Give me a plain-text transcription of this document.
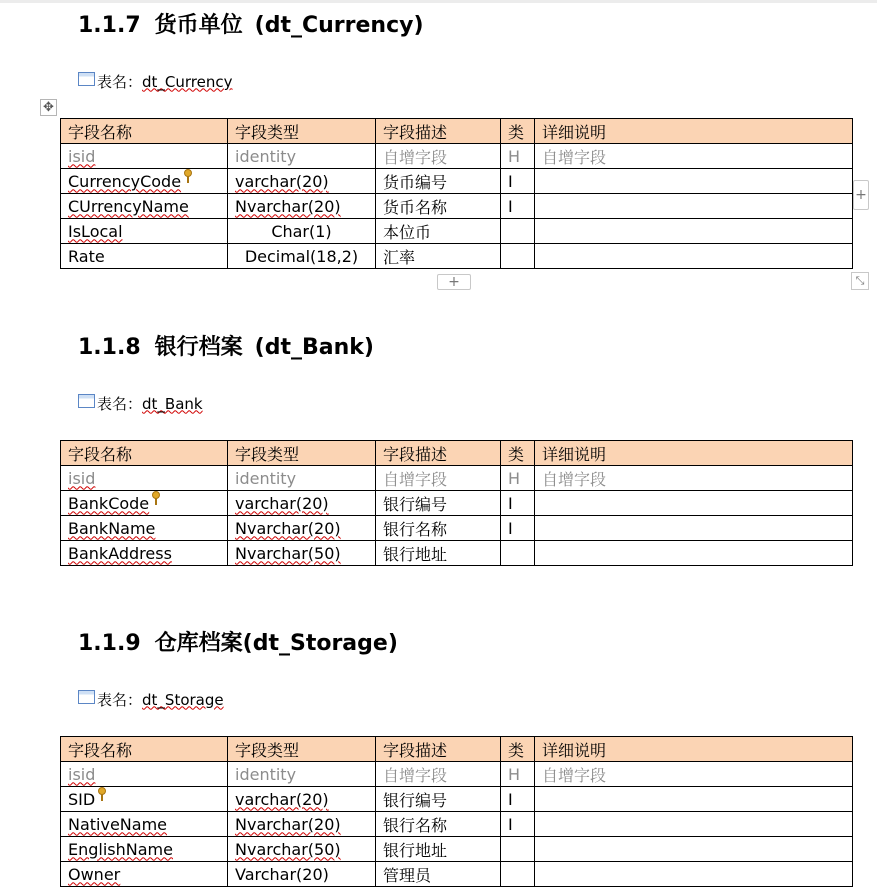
1.1.7 货币单位 (dt_Currency)
表名： dt_Currency
✥
字段名称	字段类型	字段描述	类	详细说明
isid	identity	自增字段	H	自增字段
CurrencyCode	varchar(20)	货币编号	I	
CUrrencyName	Nvarchar(20)	货币名称	I	
IsLocal	Char(1)	本位币		
Rate	Decimal(18,2)	汇率		
+
+	⤡
1.1.8 银行档案 (dt_Bank)
表名： dt_Bank
字段名称	字段类型	字段描述	类	详细说明
isid	identity	自增字段	H	自增字段
BankCode	varchar(20)	银行编号	I	
BankName	Nvarchar(20)	银行名称	I	
BankAddress	Nvarchar(50)	银行地址		
1.1.9 仓库档案(dt_Storage)
表名： dt_Storage
字段名称	字段类型	字段描述	类	详细说明
isid	identity	自增字段	H	自增字段
SID	varchar(20)	银行编号	I	
NativeName	Nvarchar(20)	银行名称	I	
EnglishName	Nvarchar(50)	银行地址		
Owner	Varchar(20)	管理员		
